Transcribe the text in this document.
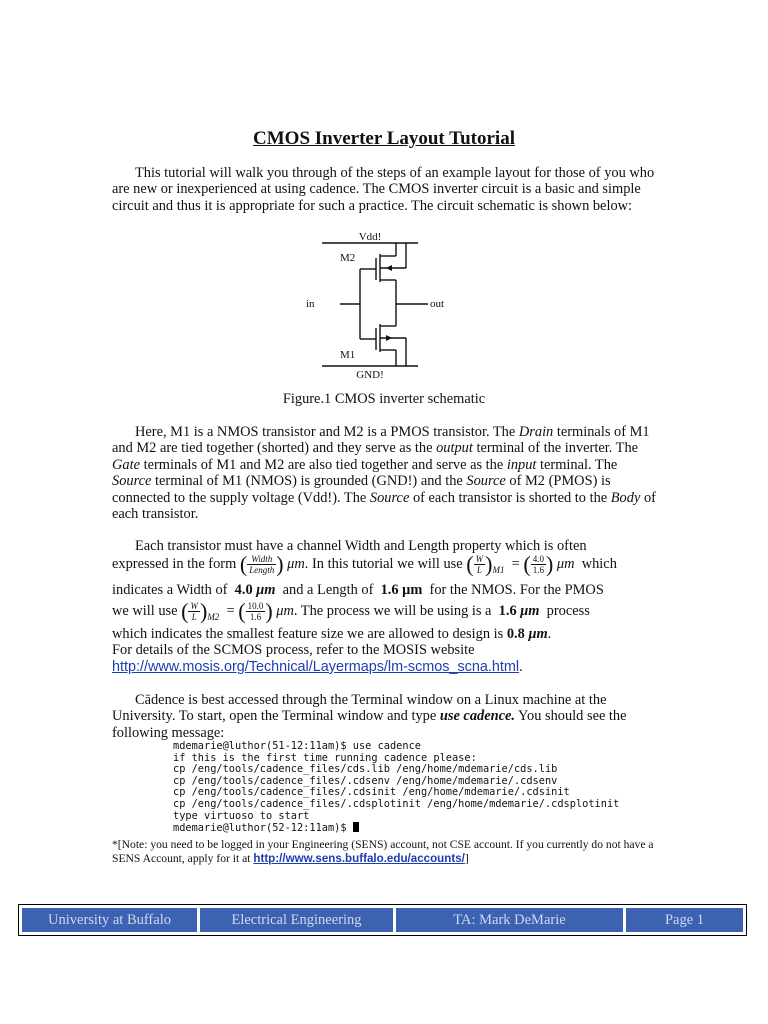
CMOS Inverter Layout Tutorial

This tutorial will walk you through of the steps of an example layout for those of you who are new or inexperienced at using cadence. The CMOS inverter circuit is a basic and simple circuit and thus it is appropriate for such a practice. The circuit schematic is shown below:

Vdd!
GND!
M2
M1
in	out
Figure.1 CMOS inverter schematic

Here, M1 is a NMOS transistor and M2 is a PMOS transistor. The Drain terminals of M1 and M2 are tied together (shorted) and they serve as the output terminal of the inverter. The Gate terminals of M1 and M2 are also tied together and serve as the input terminal. The Source terminal of M1 (NMOS) is grounded (GND!) and the Source of M2 (PMOS) is connected to the supply voltage (Vdd!). The Source of each transistor is shorted to the Body of each transistor.

Each transistor must have a channel Width and Length property which is often

expressed in the form ( $\frac{\text{Width}}{\text{Length}}$ ) μm. In this tutorial we will use ( $\frac{W}{L} )_{M1}$  = ( $\frac{4.0}{1.6}$ ) μm which
indicates a Width of 4.0 μm and a Length of 1.6 μm for the NMOS. For the PMOS
we will use ( $\frac{W}{L} )_{M2}$  = ( $\frac{10.0}{1.6}$ ) μm. The process we will be using is a 1.6 μm process
which indicates the smallest feature size we are allowed to design is 0.8 μm.
For details of the SCMOS process, refer to the MOSIS website
http://www.mosis.org/Technical/Layermaps/lm-scmos_scna.html.

Cādence is best accessed through the Terminal window on a Linux machine at the University. To start, open the Terminal window and type use cadence. You should see the following message:

mdemarie@luthor(51-12:11am)$ use cadence
if this is the first time running cadence please:
cp /eng/tools/cadence_files/cds.lib /eng/home/mdemarie/cds.lib
cp /eng/tools/cadence_files/.cdsenv /eng/home/mdemarie/.cdsenv
cp /eng/tools/cadence_files/.cdsinit /eng/home/mdemarie/.cdsinit
cp /eng/tools/cadence_files/.cdsplotinit /eng/home/mdemarie/.cdsplotinit
type virtuoso to start
mdemarie@luthor(52-12:11am)$
*[Note: you need to be logged in your Engineering (SENS) account, not CSE account. If you currently do not have a SENS Account, apply for it at http://www.sens.buffalo.edu/accounts/]
University at Buffalo	Electrical Engineering	TA: Mark DeMarie	Page 1
